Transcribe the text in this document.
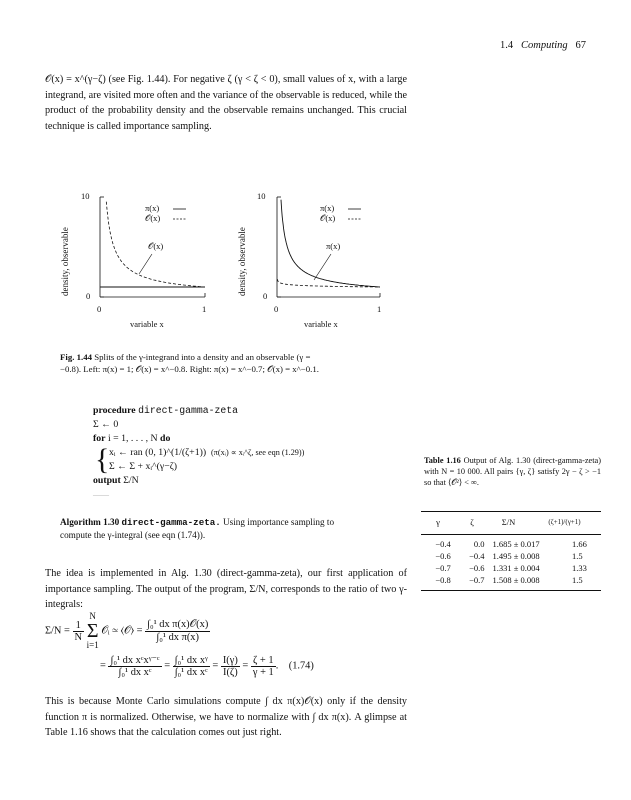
1.4 Computing 67
𝒪(x) = x^(γ−ζ) (see Fig. 1.44). For negative ζ (γ < ζ < 0), small values of x, with a large integrand, are visited more often and the variance of the observable is reduced, while the product of the probability density and the observable remains unchanged. This crucial technique is called importance sampling.
density, observable
10
0
0	1
variable x
π(x)
𝒪(x)
𝒪(x)	density, observable
10
0
0	1
variable x
π(x)
𝒪(x)
π(x)
Fig. 1.44 Splits of the γ-integrand into a density and an observable (γ =
−0.8). Left: π(x) = 1; 𝒪(x) = x^−0.8. Right: π(x) = x^−0.7; 𝒪(x) = x^−0.1.
procedure direct-gamma-zeta
Σ ← 0
for i = 1, . . . , N do
{ xᵢ ← ran (0, 1)^(1/(ζ+1)) (π(xᵢ) ∝ xᵢ^ζ, see eqn (1.29))
Σ ← Σ + xᵢ^(γ−ζ)
output Σ/N
——
Algorithm 1.30 direct-gamma-zeta. Using importance sampling to
compute the γ-integral (see eqn (1.74)).
Table 1.16 Output of Alg. 1.30 (direct-gamma-zeta) with N = 10 000. All pairs {γ, ζ} satisfy 2γ − ζ > −1 so that ⟨𝒪²⟩ < ∞.
γ	ζ	Σ/N	(ζ+1)/(γ+1)
−0.4	0.0	1.685 ± 0.017	1.66
−0.6	−0.4	1.495 ± 0.008	1.5
−0.7	−0.6	1.331 ± 0.004	1.33
−0.8	−0.7	1.508 ± 0.008	1.5
The idea is implemented in Alg. 1.30 (direct-gamma-zeta), our first application of importance sampling. The output of the program, Σ/N, corresponds to the ratio of two γ-integrals:
$\Sigma/N = \frac{1}{N}$
N
Σ
i=1 𝒪ᵢ ≃ ⟨𝒪⟩ = $\frac{\text{∫₀¹ dx π(x)𝒪(x)}}{\text{∫₀¹ dx π(x)}}$
= $\frac{\text{∫₀¹ dx xᶜxᵞ⁻ᶜ}}{\text{∫₀¹ dx xᶜ}} = \frac{\text{∫₀¹ dx xᵞ}}{\text{∫₀¹ dx xᶜ}} = \frac{I(\gamma)}{I(\zeta)} = \frac{\zeta + 1}{\gamma + 1}$ .    (1.74)
This is because Monte Carlo simulations compute ∫ dx π(x)𝒪(x) only if the density function π is normalized. Otherwise, we have to normalize with ∫ dx π(x). A glimpse at Table 1.16 shows that the calculation comes out just right.
